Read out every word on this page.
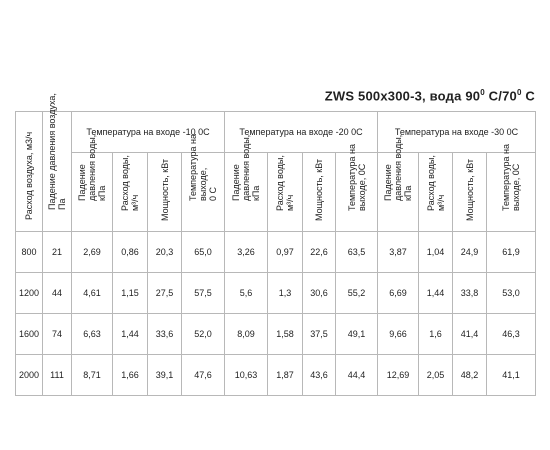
ZWS 500x300-3, вода $90^0$ $C/70^0$ C
Расход воздуха, м3/ч	Падение давления воздуха,
Па	Температура на входе -10 0С				Температура на входе -20 0С				Температура на входе -30 0С			

		Падение
давления воды,
кПа	Расход воды,
м³/ч	Мощность, кВт	Температура на
выходе,
0 С	Падение
давления воды,
кПа	Расход воды,
м³/ч	Мощность, кВт	Температура на
выходе, 0С	Падение
давления воды,
кПа	Расход воды,
м³/ч	Мощность, кВт	Температура на
выходе, 0С

800	21	2,69	0,86	20,3	65,0	3,26	0,97	22,6	63,5	3,87	1,04	24,9	61,9
1200	44	4,61	1,15	27,5	57,5	5,6	1,3	30,6	55,2	6,69	1,44	33,8	53,0
1600	74	6,63	1,44	33,6	52,0	8,09	1,58	37,5	49,1	9,66	1,6	41,4	46,3
2000	111	8,71	1,66	39,1	47,6	10,63	1,87	43,6	44,4	12,69	2,05	48,2	41,1
